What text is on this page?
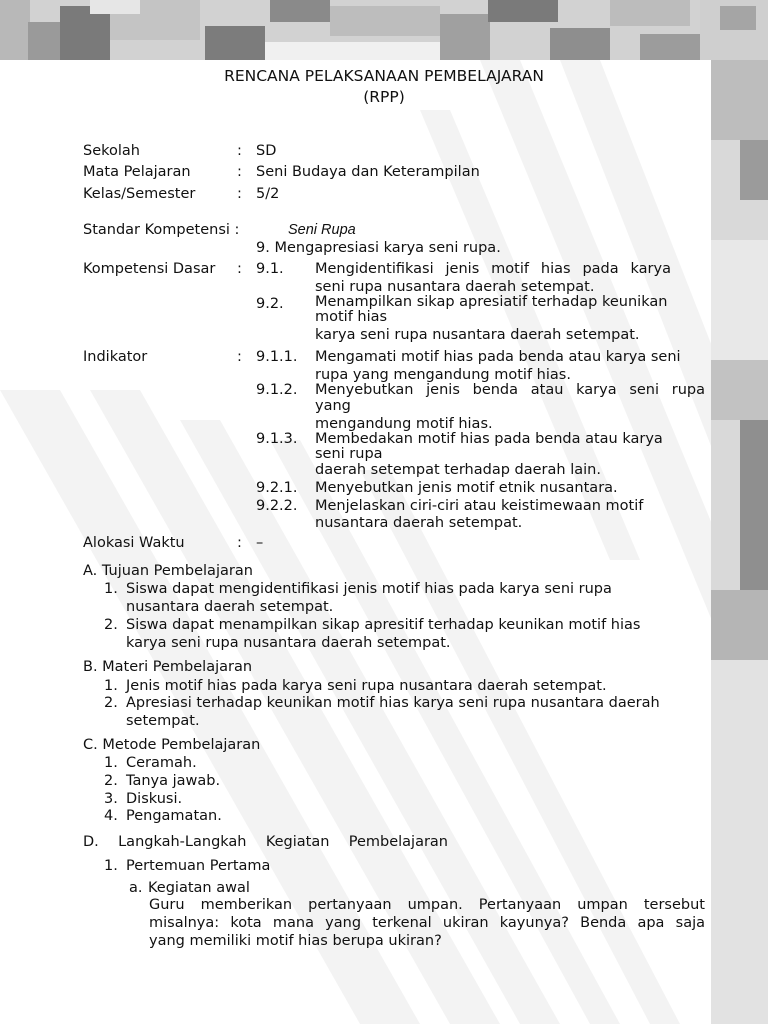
RENCANA PELAKSANAAN PEMBELAJARAN
(RPP)
Sekolah	: SD
Mata Pelajaran	: Seni Budaya dan Keterampilan
Kelas/Semester	: 5/2
Standar Kompetensi :	Seni Rupa
9. Mengapresiasi karya seni rupa.
Kompetensi Dasar : 9.1. Mengidentifikasi jenis motif hias pada karya
seni rupa nusantara daerah setempat.
9.2. Menampilkan sikap apresiatif terhadap keunikan
motif hias
karya seni rupa nusantara daerah setempat.
Indikator	: 9.1.1. Mengamati motif hias pada benda atau karya seni
rupa yang mengandung motif hias.
9.1.2. Menyebutkan jenis benda atau karya seni rupa
yang
mengandung motif hias.
9.1.3. Membedakan motif hias pada benda atau karya
seni rupa
daerah setempat terhadap daerah lain.
9.2.1. Menyebutkan jenis motif etnik nusantara.
9.2.2. Menjelaskan ciri-ciri atau keistimewaan motif
nusantara daerah setempat.
Alokasi Waktu	: –
A. Tujuan Pembelajaran
1. Siswa dapat mengidentifikasi jenis motif hias pada karya seni rupa
nusantara daerah setempat.
2. Siswa dapat menampilkan sikap apresitif terhadap keunikan motif hias
karya seni rupa nusantara daerah setempat.
B. Materi Pembelajaran
1. Jenis motif hias pada karya seni rupa nusantara daerah setempat.
2. Apresiasi terhadap keunikan motif hias karya seni rupa nusantara daerah
setempat.
C. Metode Pembelajaran
1. Ceramah.
2. Tanya jawab.
3. Diskusi.
4. Pengamatan.
D. Langkah-Langkah Kegiatan Pembelajaran
1. Pertemuan Pertama
a. Kegiatan awal
Guru memberikan pertanyaan umpan. Pertanyaan umpan tersebut
misalnya: kota mana yang terkenal ukiran kayunya? Benda apa saja
yang memiliki motif hias berupa ukiran?
